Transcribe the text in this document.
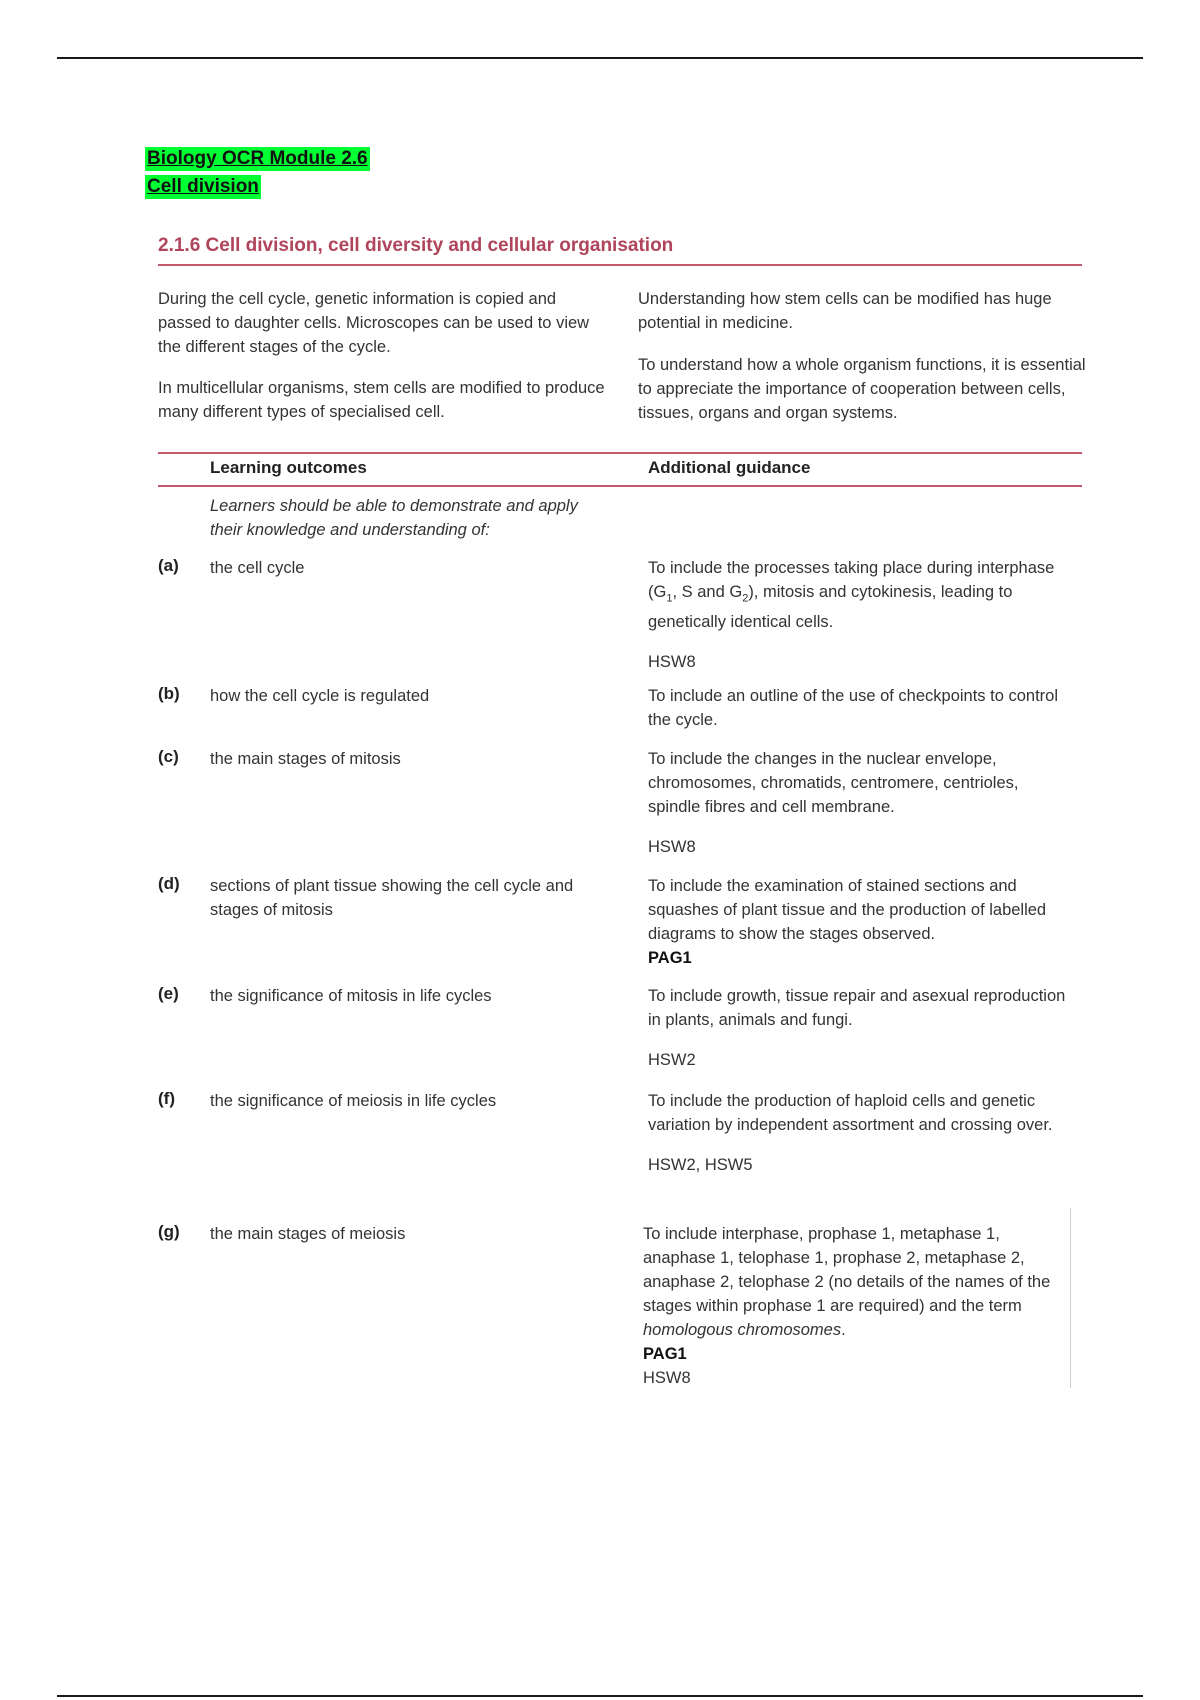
Biology OCR Module 2.6
Cell division
2.1.6 Cell division, cell diversity and cellular organisation
During the cell cycle, genetic information is copied and passed to daughter cells. Microscopes can be used to view the different stages of the cycle.
In multicellular organisms, stem cells are modified to produce many different types of specialised cell.
Understanding how stem cells can be modified has huge potential in medicine.
To understand how a whole organism functions, it is essential to appreciate the importance of cooperation between cells, tissues, organs and organ systems.
Learning outcomes	Additional guidance
Learners should be able to demonstrate and apply their knowledge and understanding of:
(a) the cell cycle	To include the processes taking place during interphase ($G_1$, S and $G_2$), mitosis and cytokinesis, leading to genetically identical cells.

HSW8

(b) how the cell cycle is regulated	To include an outline of the use of checkpoints to control the cycle.

(c) the main stages of mitosis	To include the changes in the nuclear envelope, chromosomes, chromatids, centromere, centrioles, spindle fibres and cell membrane.

HSW8

(d) sections of plant tissue showing the cell cycle and stages of mitosis

To include the examination of stained sections and squashes of plant tissue and the production of labelled diagrams to show the stages observed.

PAG1

(e) the significance of mitosis in life cycles	To include growth, tissue repair and asexual reproduction in plants, animals and fungi.

HSW2

(f) the significance of meiosis in life cycles	To include the production of haploid cells and genetic variation by independent assortment and crossing over.

HSW2, HSW5

(g) the main stages of meiosis	To include interphase, prophase 1, metaphase 1, anaphase 1, telophase 1, prophase 2, metaphase 2, anaphase 2, telophase 2 (no details of the names of the stages within prophase 1 are required) and the term homologous chromosomes.

PAG1

HSW8
